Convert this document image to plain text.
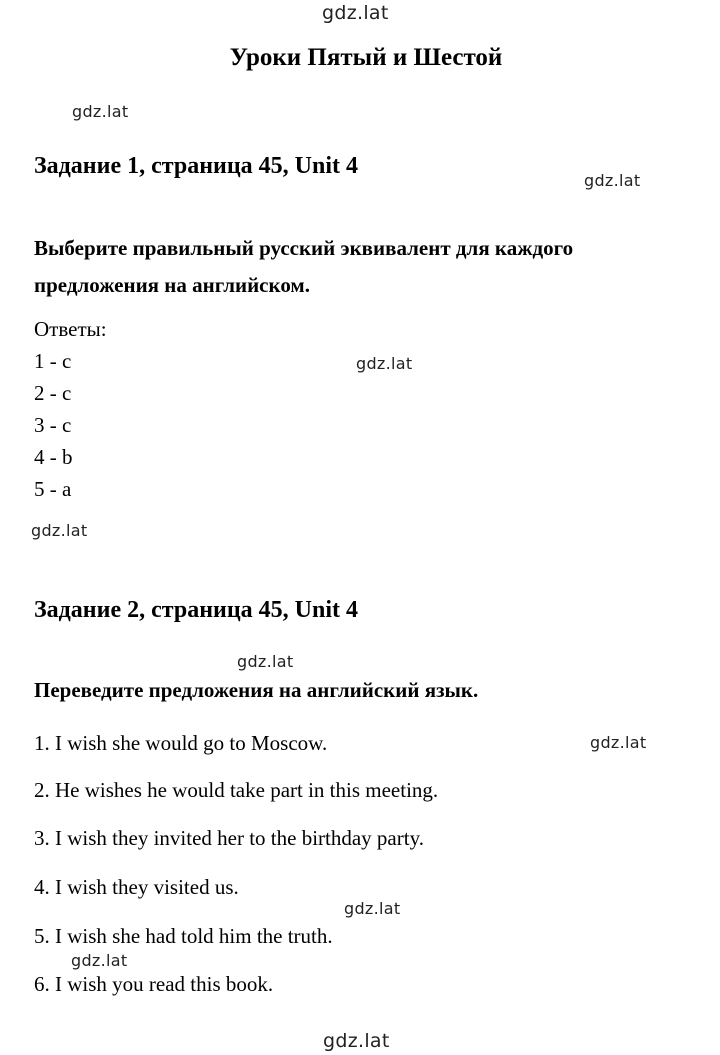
gdz.lat
gdz.lat
gdz.lat
gdz.lat
gdz.lat
gdz.lat
gdz.lat
gdz.lat
gdz.lat
gdz.lat
Уроки Пятый и Шестой
Задание 1, страница 45, Unit 4
Выберите правильный русский эквивалент для каждого предложения на английском.
Ответы:
1 - c
2 - c
3 - c
4 - b
5 - a
Задание 2, страница 45, Unit 4
Переведите предложения на английский язык.
1. I wish she would go to Moscow.
2. He wishes he would take part in this meeting.
3. I wish they invited her to the birthday party.
4. I wish they visited us.
5. I wish she had told him the truth.
6. I wish you read this book.
